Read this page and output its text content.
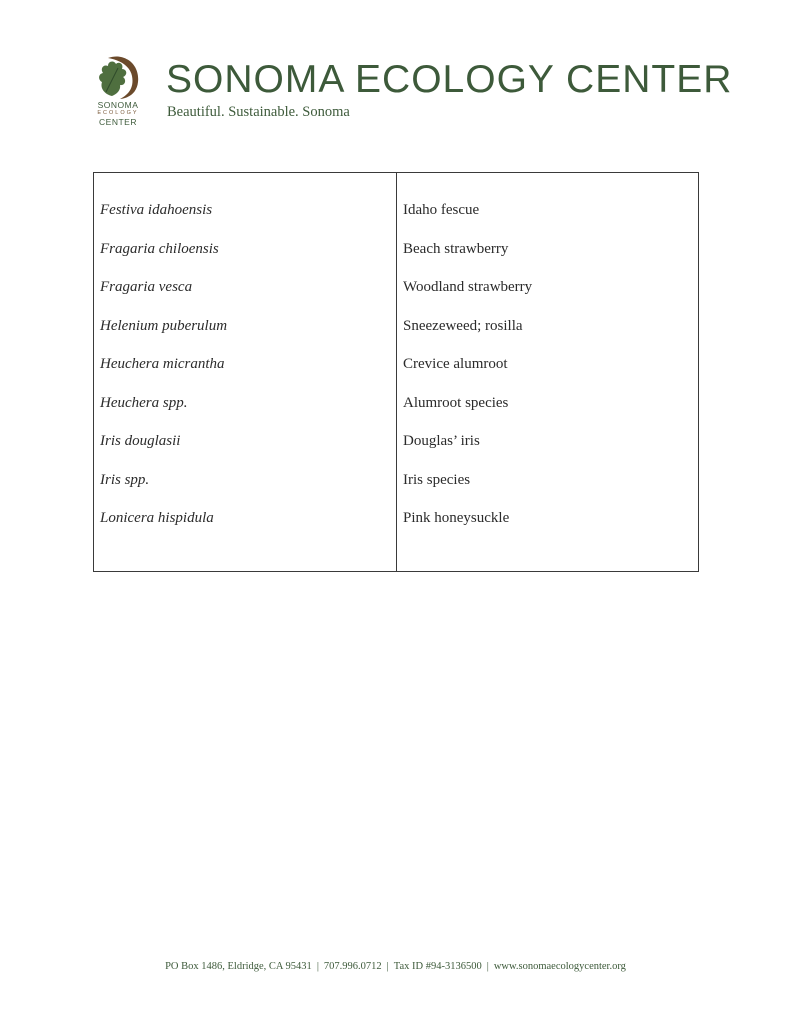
SONOMA
ECOLOGY
CENTER
SONOMA ECOLOGY CENTER
Beautiful. Sustainable. Sonoma
Festiva idahoensis
Fragaria chiloensis
Fragaria vesca
Helenium puberulum
Heuchera micrantha
Heuchera spp.
Iris douglasii
Iris spp.
Lonicera hispidula
Idaho fescue
Beach strawberry
Woodland strawberry
Sneezeweed; rosilla
Crevice alumroot
Alumroot species
Douglas’ iris
Iris species
Pink honeysuckle
PO Box 1486, Eldridge, CA 95431 | 707.996.0712 | Tax ID #94-3136500 | www.sonomaecologycenter.org
